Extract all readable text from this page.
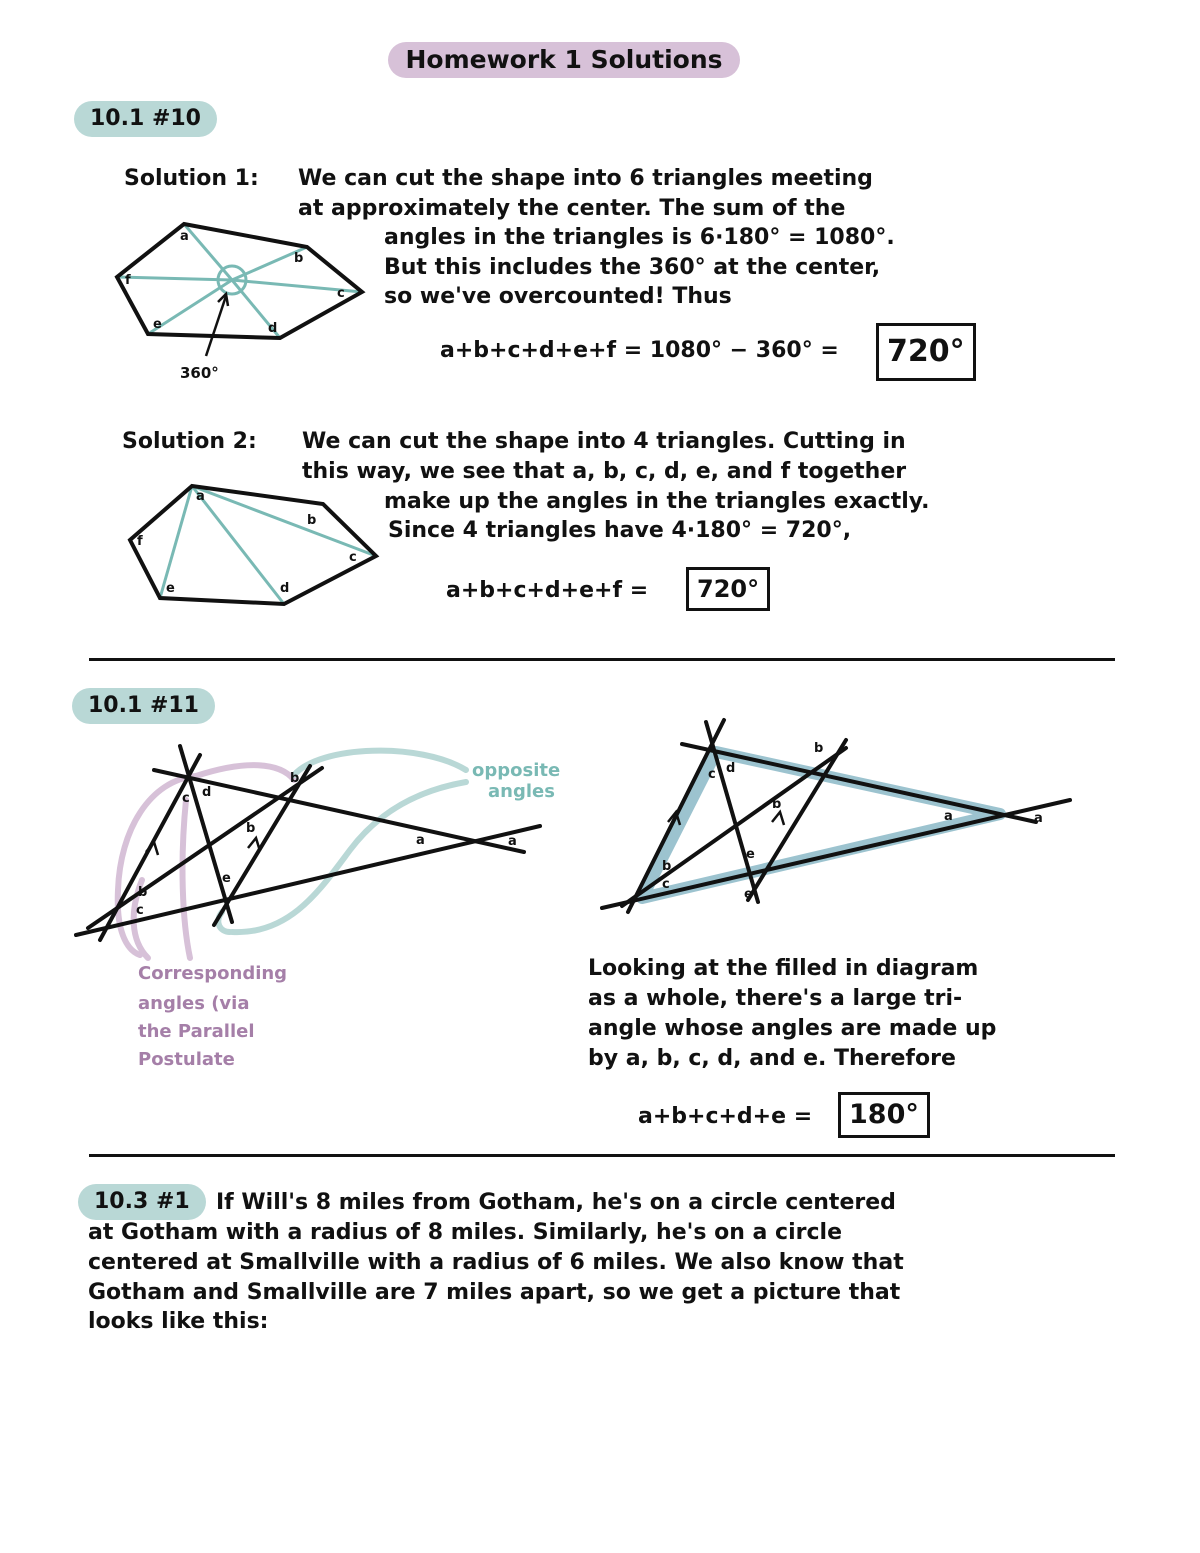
Homework 1 Solutions
10.1 #10
Solution 1: We can cut the shape into 6 triangles meeting
at approximately the center. The sum of the
angles in the triangles is 6·180° = 1080°.
But this includes the 360° at the center,
so we've overcounted! Thus
a+b+c+d+e+f = 1080° − 360° =	720°
360°
a
b
c
d
e
f
Solution 2: We can cut the shape into 4 triangles. Cutting in
this way, we see that a, b, c, d, e, and f together
make up the angles in the triangles exactly.
Since 4 triangles have 4·180° = 720°,
a+b+c+d+e+f =	720°
a
b
c
d
e
f
10.1 #11
a	a
b
b
b
c
c
d
e
opposite
angles
Corresponding
angles (via
the Parallel
Postulate
a	a
b
b
b
c
c
d
e
e
Looking at the filled in diagram
as a whole, there's a large tri-
angle whose angles are made up
by a, b, c, d, and e. Therefore
a+b+c+d+e =	180°
10.3 #1	If Will's 8 miles from Gotham, he's on a circle centered
at Gotham with a radius of 8 miles. Similarly, he's on a circle
centered at Smallville with a radius of 6 miles. We also know that
Gotham and Smallville are 7 miles apart, so we get a picture that
looks like this:
